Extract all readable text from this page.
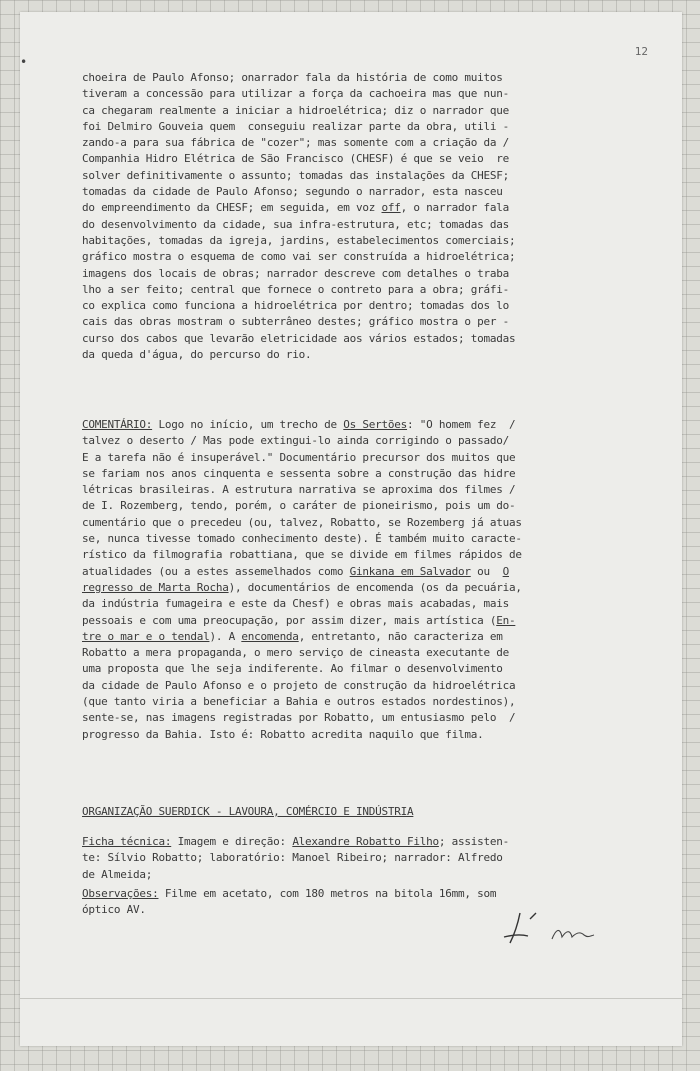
12
•
choeira de Paulo Afonso; onarrador fala da história de como muitos
tiveram a concessão para utilizar a força da cachoeira mas que nun-
ca chegaram realmente a iniciar a hidroelétrica; diz o narrador que
foi Delmiro Gouveia quem  conseguiu realizar parte da obra, utili -
zando-a para sua fábrica de "cozer"; mas somente com a criação da /
Companhia Hidro Elétrica de São Francisco (CHESF) é que se veio  re
solver definitivamente o assunto; tomadas das instalações da CHESF;
tomadas da cidade de Paulo Afonso; segundo o narrador, esta nasceu
do empreendimento da CHESF; em seguida, em voz off, o narrador fala
do desenvolvimento da cidade, sua infra-estrutura, etc; tomadas das
habitações, tomadas da igreja, jardins, estabelecimentos comerciais;
gráfico mostra o esquema de como vai ser construída a hidroelétrica;
imagens dos locais de obras; narrador descreve com detalhes o traba
lho a ser feito; central que fornece o contreto para a obra; gráfi-
co explica como funciona a hidroelétrica por dentro; tomadas dos lo
cais das obras mostram o subterrâneo destes; gráfico mostra o per -
curso dos cabos que levarão eletricidade aos vários estados; tomadas
da queda d'água, do percurso do rio.
COMENTÁRIO: Logo no início, um trecho de Os Sertões: "O homem fez  /
talvez o deserto / Mas pode extingui-lo ainda corrigindo o passado/
E a tarefa não é insuperável." Documentário precursor dos muitos que
se fariam nos anos cinquenta e sessenta sobre a construção das hidre
létricas brasileiras. A estrutura narrativa se aproxima dos filmes /
de I. Rozemberg, tendo, porém, o caráter de pioneirismo, pois um do-
cumentário que o precedeu (ou, talvez, Robatto, se Rozemberg já atuas
se, nunca tivesse tomado conhecimento deste). É também muito caracte-
rístico da filmografia robattiana, que se divide em filmes rápidos de
atualidades (ou a estes assemelhados como Ginkana em Salvador ou  O
regresso de Marta Rocha), documentários de encomenda (os da pecuária,
da indústria fumageira e este da Chesf) e obras mais acabadas, mais
pessoais e com uma preocupação, por assim dizer, mais artística (En-
tre o mar e o tendal). A encomenda, entretanto, não caracteriza em
Robatto a mera propaganda, o mero serviço de cineasta executante de
uma proposta que lhe seja indiferente. Ao filmar o desenvolvimento
da cidade de Paulo Afonso e o projeto de construção da hidroelétrica
(que tanto viria a beneficiar a Bahia e outros estados nordestinos),
sente-se, nas imagens registradas por Robatto, um entusiasmo pelo  /
progresso da Bahia. Isto é: Robatto acredita naquilo que filma.
ORGANIZAÇÃO SUERDICK - LAVOURA, COMÉRCIO E INDÚSTRIA
Ficha técnica: Imagem e direção: Alexandre Robatto Filho; assisten-
te: Sílvio Robatto; laboratório: Manoel Ribeiro; narrador: Alfredo
de Almeida;
Observações: Filme em acetato, com 180 metros na bitola 16mm, som
óptico AV.
